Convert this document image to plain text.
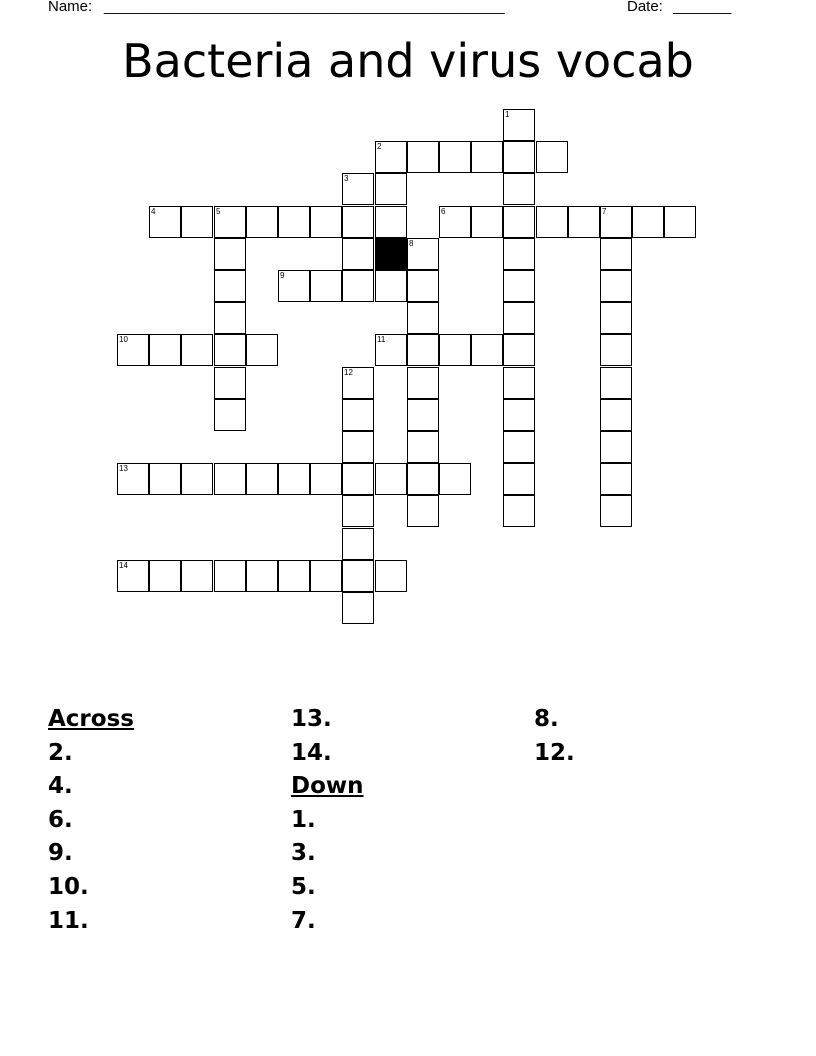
Name: ________________________________________________	Date: _______
Bacteria and virus vocab
1
2
3
4	5	6	7
8
9
10	11
12
13
14
Across
2.
4.
6.
9.
10.
11.
13.
14.
Down
1.
3.
5.
7.
8.
12.
